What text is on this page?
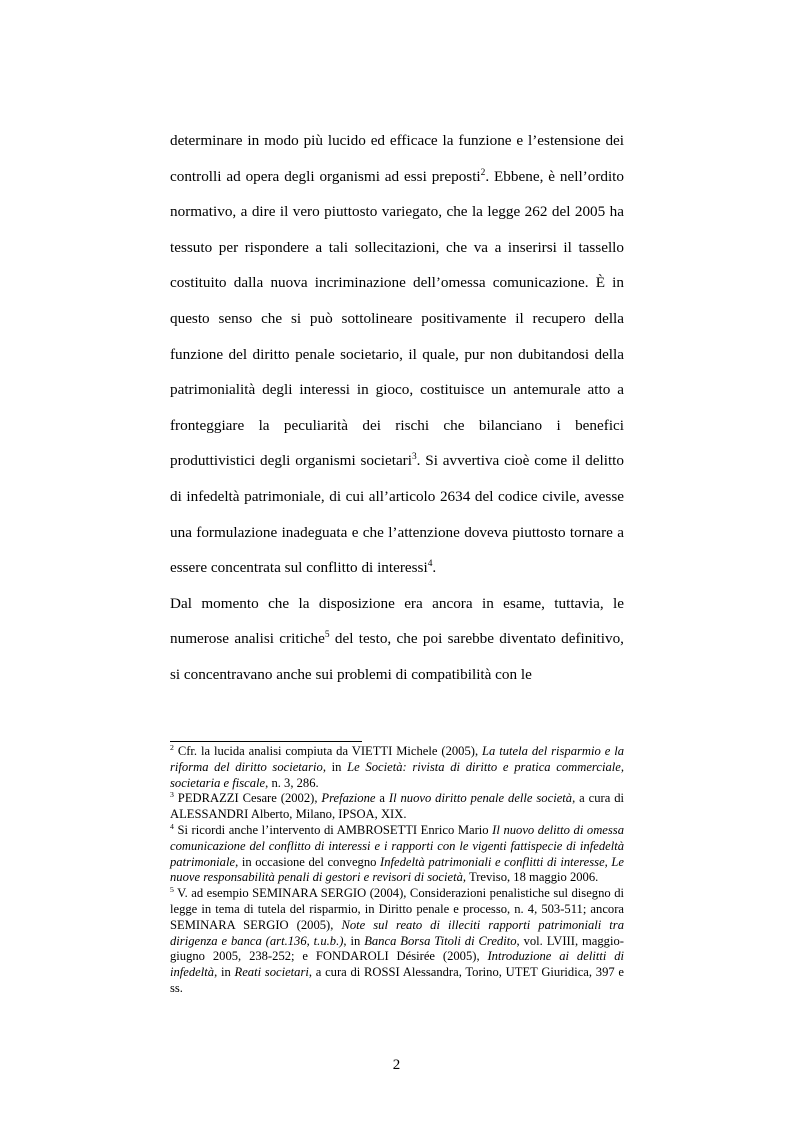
determinare in modo più lucido ed efficace la funzione e l’estensione dei controlli ad opera degli organismi ad essi preposti$^2$. Ebbene, è nell’ordito normativo, a dire il vero piuttosto variegato, che la legge 262 del 2005 ha tessuto per rispondere a tali sollecitazioni, che va a inserirsi il tassello costituito dalla nuova incriminazione dell’omessa comunicazione. È in questo senso che si può sottolineare positivamente il recupero della funzione del diritto penale societario, il quale, pur non dubitandosi della patrimonialità degli interessi in gioco, costituisce un antemurale atto a fronteggiare la peculiarità dei rischi che bilanciano i benefici produttivistici degli organismi societari$^3$. Si avvertiva cioè come il delitto di infedeltà patrimoniale, di cui all’articolo 2634 del codice civile, avesse una formulazione inadeguata e che l’attenzione doveva piuttosto tornare a essere concentrata sul conflitto di interessi$^4$.

Dal momento che la disposizione era ancora in esame, tuttavia, le numerose analisi critiche$^5$ del testo, che poi sarebbe diventato definitivo, si concentravano anche sui problemi di compatibilità con le

$^2$ Cfr. la lucida analisi compiuta da VIETTI Michele (2005), La tutela del risparmio e la riforma del diritto societario, in Le Società: rivista di diritto e pratica commerciale, societaria e fiscale, n. 3, 286.

$^3$ PEDRAZZI Cesare (2002), Prefazione a Il nuovo diritto penale delle società, a cura di ALESSANDRI Alberto, Milano, IPSOA, XIX.

$^4$ Si ricordi anche l’intervento di AMBROSETTI Enrico Mario Il nuovo delitto di omessa comunicazione del conflitto di interessi e i rapporti con le vigenti fattispecie di infedeltà patrimoniale, in occasione del convegno Infedeltà patrimoniali e conflitti di interesse, Le nuove responsabilità penali di gestori e revisori di società, Treviso, 18 maggio 2006.

$^5$ V. ad esempio SEMINARA SERGIO (2004), Considerazioni penalistiche sul disegno di legge in tema di tutela del risparmio, in Diritto penale e processo, n. 4, 503-511; ancora SEMINARA SERGIO (2005), Note sul reato di illeciti rapporti patrimoniali tra dirigenza e banca (art.136, t.u.b.), in Banca Borsa Titoli di Credito, vol. LVIII, maggio-giugno 2005, 238-252; e FONDAROLI Désirée (2005), Introduzione ai delitti di infedeltà, in Reati societari, a cura di ROSSI Alessandra, Torino, UTET Giuridica, 397 e ss.

2
